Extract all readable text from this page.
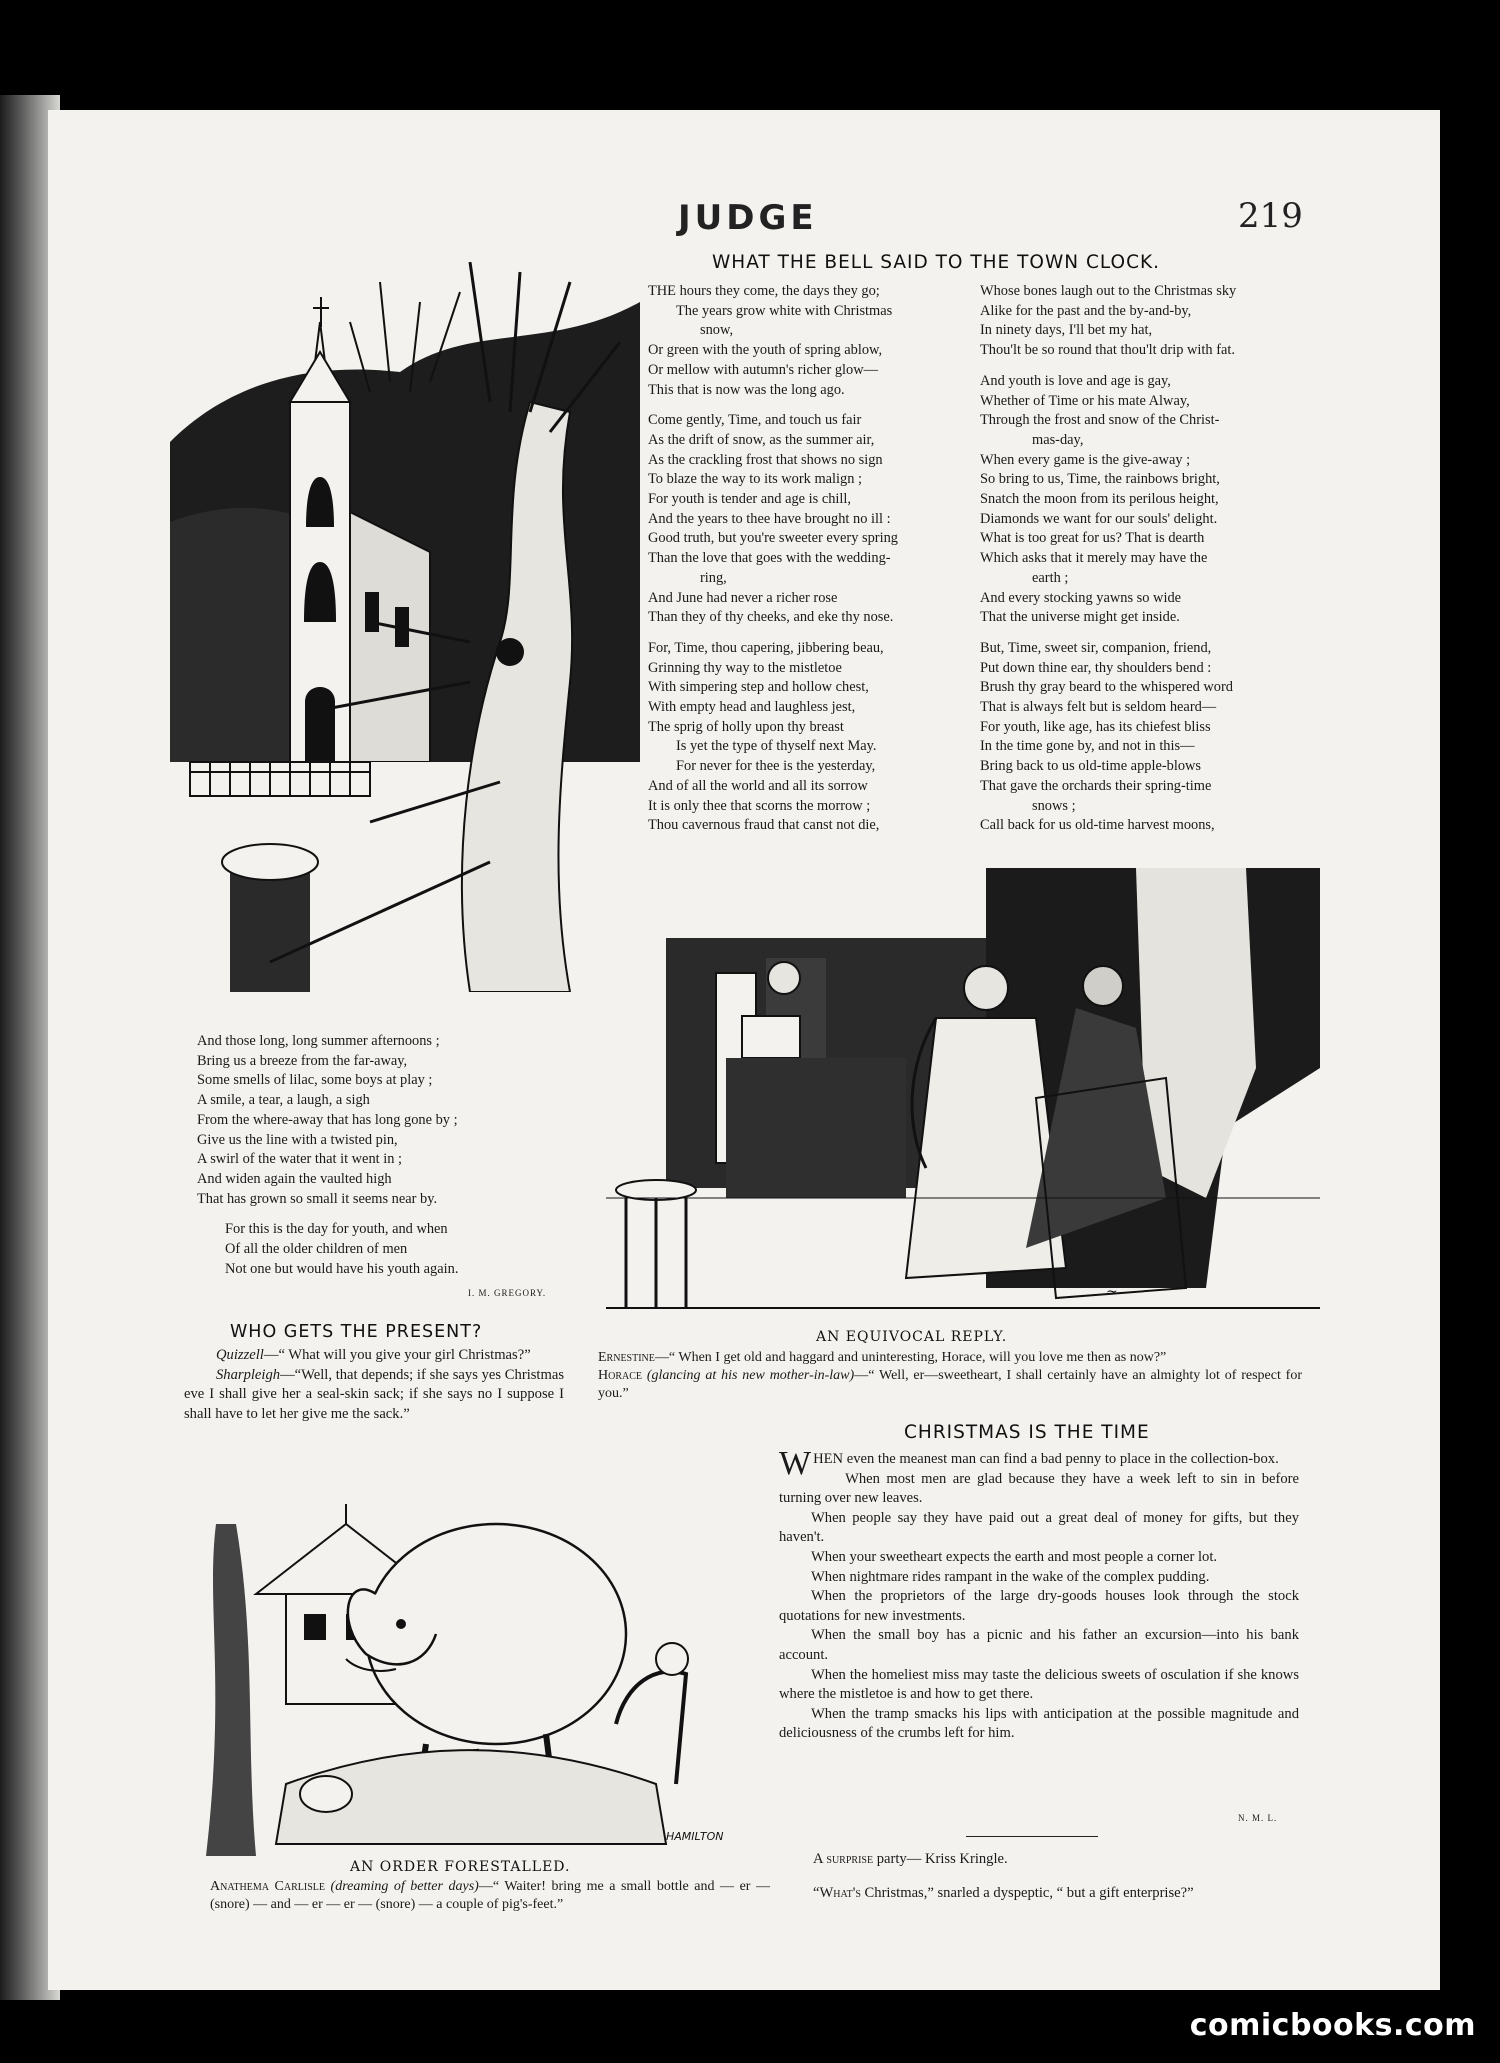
JUDGE	219
WHAT THE BELL SAID TO THE TOWN CLOCK.
THE hours they come, the days they go;
The years grow white with Christmas
snow,
Or green with the youth of spring ablow,
Or mellow with autumn's richer glow—
This that is now was the long ago.
Come gently, Time, and touch us fair
As the drift of snow, as the summer air,
As the crackling frost that shows no sign
To blaze the way to its work malign ;
For youth is tender and age is chill,
And the years to thee have brought no ill :
Good truth, but you're sweeter every spring
Than the love that goes with the wedding-
ring,
And June had never a richer rose
Than they of thy cheeks, and eke thy nose.
For, Time, thou capering, jibbering beau,
Grinning thy way to the mistletoe
With simpering step and hollow chest,
With empty head and laughless jest,
The sprig of holly upon thy breast
Is yet the type of thyself next May.
For never for thee is the yesterday,
And of all the world and all its sorrow
It is only thee that scorns the morrow ;
Thou cavernous fraud that canst not die,
Whose bones laugh out to the Christmas sky
Alike for the past and the by-and-by,
In ninety days, I'll bet my hat,
Thou'lt be so round that thou'lt drip with fat.
And youth is love and age is gay,
Whether of Time or his mate Alway,
Through the frost and snow of the Christ-
mas-day,
When every game is the give-away ;
So bring to us, Time, the rainbows bright,
Snatch the moon from its perilous height,
Diamonds we want for our souls' delight.
What is too great for us? That is dearth
Which asks that it merely may have the
earth ;
And every stocking yawns so wide
That the universe might get inside.
But, Time, sweet sir, companion, friend,
Put down thine ear, thy shoulders bend :
Brush thy gray beard to the whispered word
That is always felt but is seldom heard—
For youth, like age, has its chiefest bliss
In the time gone by, and not in this—
Bring back to us old-time apple-blows
That gave the orchards their spring-time
snows ;
Call back for us old-time harvest moons,
And those long, long summer afternoons ;
Bring us a breeze from the far-away,
Some smells of lilac, some boys at play ;
A smile, a tear, a laugh, a sigh
From the where-away that has long gone by ;
Give us the line with a twisted pin,
A swirl of the water that it went in ;
And widen again the vaulted high
That has grown so small it seems near by.
For this is the day for youth, and when
Of all the older children of men
Not one but would have his youth again.
I. M. GREGORY.
WHO GETS THE PRESENT?

Quizzell—“ What will you give your girl Christmas?”

Sharpleigh—“Well, that depends; if she says yes Christmas eve I shall give her a seal-skin sack; if she says no I suppose I shall have to let her give me the sack.”

~
AN EQUIVOCAL REPLY.
Ernestine—“ When I get old and haggard and uninteresting, Horace, will you love me then as now?”
Horace (glancing at his new mother-in-law)—“ Well, er—sweetheart, I shall certainly have an almighty lot of respect for you.”
CHRISTMAS IS THE TIME

WHEN even the meanest man can find a bad penny to place in the collection-box.

When most men are glad because they have a week left to sin in before turning over new leaves.

When people say they have paid out a great deal of money for gifts, but they haven't.

When your sweetheart expects the earth and most people a corner lot.

When nightmare rides rampant in the wake of the complex pudding.

When the proprietors of the large dry-goods houses look through the stock quotations for new investments.

When the small boy has a picnic and his father an excursion—into his bank account.

When the homeliest miss may taste the delicious sweets of osculation if she knows where the mistletoe is and how to get there.

When the tramp smacks his lips with anticipation at the possible magnitude and deliciousness of the crumbs left for him.

N. M. L.

A surprise party— Kriss Kringle.

“What's Christmas,” snarled a dyspeptic, “ but a gift enterprise?”

HAMILTON
AN ORDER FORESTALLED.
Anathema Carlisle (dreaming of better days)—“ Waiter! bring me a small bottle and — er — (snore) — and — er — er — (snore) — a couple of pig's-feet.”
comicbooks.com
